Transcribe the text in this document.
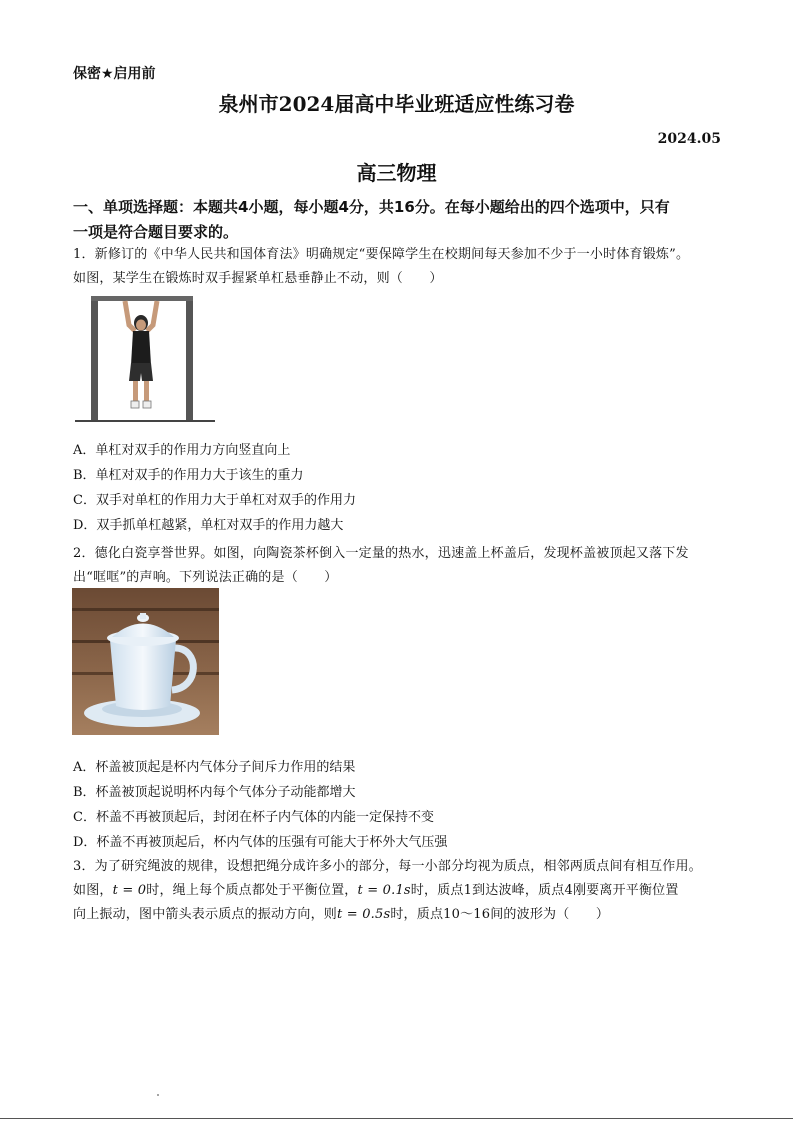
保密★启用前
泉州市2024届高中毕业班适应性练习卷
2024.05
高三物理
一、单项选择题：本题共4小题，每小题4分，共16分。在每小题给出的四个选项中，只有
一项是符合题目要求的。
1．新修订的《中华人民共和国体育法》明确规定“要保障学生在校期间每天参加不少于一小时体育锻炼”。
如图，某学生在锻炼时双手握紧单杠悬垂静止不动，则（　　）
A．单杠对双手的作用力方向竖直向上
B．单杠对双手的作用力大于该生的重力
C．双手对单杠的作用力大于单杠对双手的作用力
D．双手抓单杠越紧，单杠对双手的作用力越大
2．德化白瓷享誉世界。如图，向陶瓷茶杯倒入一定量的热水，迅速盖上杯盖后，发现杯盖被顶起又落下发
出“哐哐”的声响。下列说法正确的是（　　）
A．杯盖被顶起是杯内气体分子间斥力作用的结果
B．杯盖被顶起说明杯内每个气体分子动能都增大
C．杯盖不再被顶起后，封闭在杯子内气体的内能一定保持不变
D．杯盖不再被顶起后，杯内气体的压强有可能大于杯外大气压强
3．为了研究绳波的规律，设想把绳分成许多小的部分，每一小部分均视为质点，相邻两质点间有相互作用。
如图，t = 0时，绳上每个质点都处于平衡位置，t = 0.1s时，质点1到达波峰，质点4刚要离开平衡位置
向上振动，图中箭头表示质点的振动方向，则t = 0.5s时，质点10～16间的波形为（　　）
